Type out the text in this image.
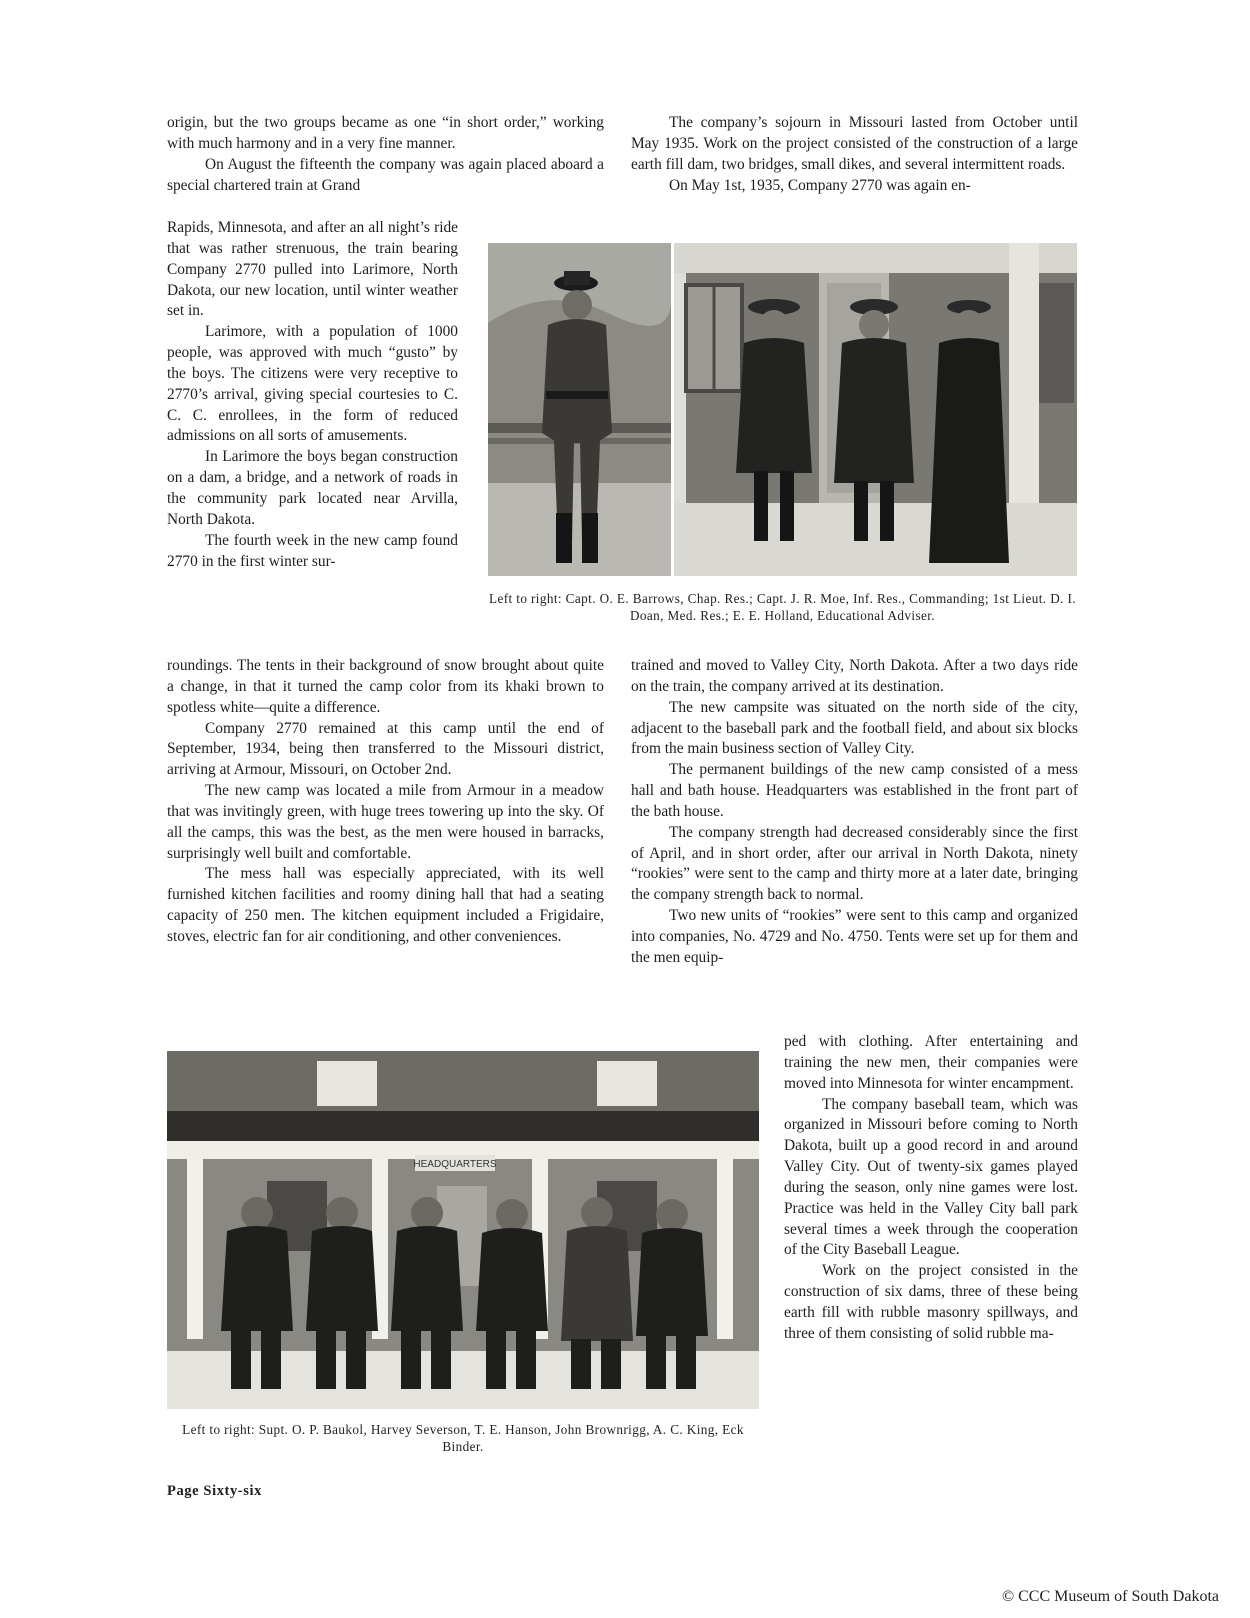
origin, but the two groups became as one “in short order,” working with much harmony and in a very fine manner.

On August the fifteenth the company was again placed aboard a special chartered train at Grand

Rapids, Minnesota, and after an all night’s ride that was rather strenuous, the train bearing Company 2770 pulled into Larimore, North Dakota, our new location, until winter weather set in.

Larimore, with a population of 1000 people, was approved with much “gusto” by the boys. The citizens were very receptive to 2770’s arrival, giving special courtesies to C. C. C. enrollees, in the form of reduced admissions on all sorts of amusements.

In Larimore the boys began construction on a dam, a bridge, and a network of roads in the community park located near Arvilla, North Dakota.

The fourth week in the new camp found 2770 in the first winter sur-

roundings. The tents in their background of snow brought about quite a change, in that it turned the camp color from its khaki brown to spotless white—quite a difference.

Company 2770 remained at this camp until the end of September, 1934, being then transferred to the Missouri district, arriving at Armour, Missouri, on October 2nd.

The new camp was located a mile from Armour in a meadow that was invitingly green, with huge trees towering up into the sky. Of all the camps, this was the best, as the men were housed in barracks, surprisingly well built and comfortable.

The mess hall was especially appreciated, with its well furnished kitchen facilities and roomy dining hall that had a seating capacity of 250 men. The kitchen equipment included a Frigidaire, stoves, electric fan for air conditioning, and other conveniences.

The company’s sojourn in Missouri lasted from October until May 1935. Work on the project consisted of the construction of a large earth fill dam, two bridges, small dikes, and several intermittent roads.

On May 1st, 1935, Company 2770 was again en-

Left to right: Capt. O. E. Barrows, Chap. Res.; Capt. J. R. Moe, Inf. Res., Commanding; 1st Lieut. D. I. Doan, Med. Res.; E. E. Holland, Educational Adviser.

trained and moved to Valley City, North Dakota. After a two days ride on the train, the company arrived at its destination.

The new campsite was situated on the north side of the city, adjacent to the baseball park and the football field, and about six blocks from the main business section of Valley City.

The permanent buildings of the new camp consisted of a mess hall and bath house. Headquarters was established in the front part of the bath house.

The company strength had decreased considerably since the first of April, and in short order, after our arrival in North Dakota, ninety “rookies” were sent to the camp and thirty more at a later date, bringing the company strength back to normal.

Two new units of “rookies” were sent to this camp and organized into companies, No. 4729 and No. 4750. Tents were set up for them and the men equip-

ped with clothing. After entertaining and training the new men, their companies were moved into Minnesota for winter encampment.

The company baseball team, which was organized in Missouri before coming to North Dakota, built up a good record in and around Valley City. Out of twenty-six games played during the season, only nine games were lost. Practice was held in the Valley City ball park several times a week through the cooperation of the City Baseball League.

Work on the project consisted in the construction of six dams, three of these being earth fill with rubble masonry spillways, and three of them consisting of solid rubble ma-

HEADQUARTERS
Left to right: Supt. O. P. Baukol, Harvey Severson, T. E. Hanson, John Brownrigg, A. C. King, Eck Binder.
Page Sixty-six
© CCC Museum of South Dakota
